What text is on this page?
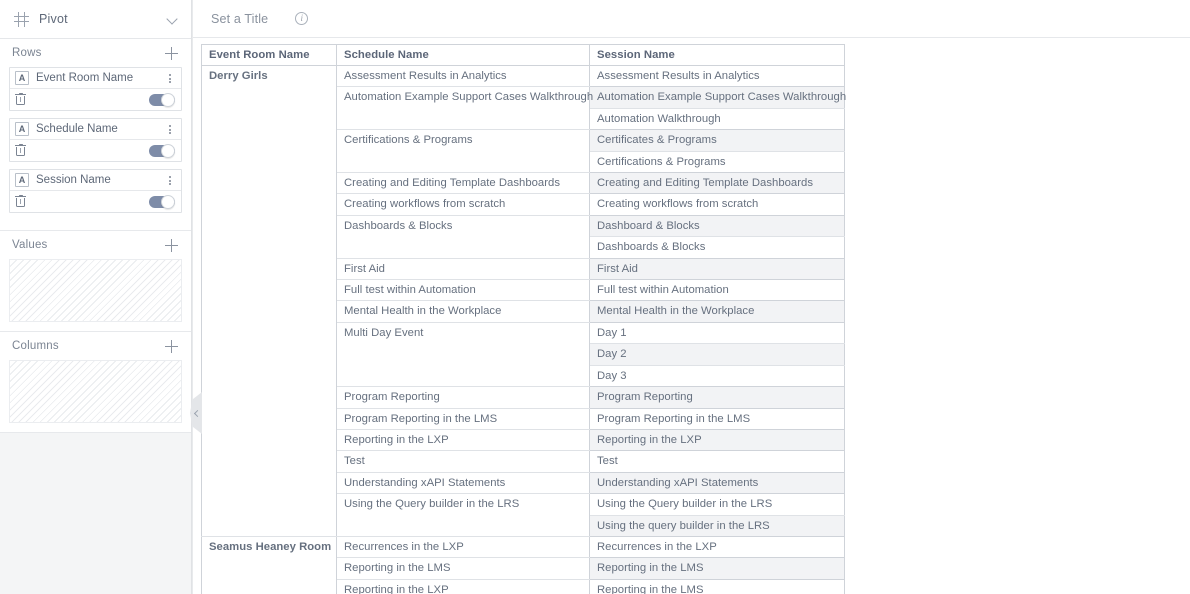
Pivot
Rows
A Event Room Name
A Schedule Name
A Session Name
Values
Columns
Set a Title
i
Event Room Name	Schedule Name	Session Name
Derry Girls	Assessment Results in Analytics	Assessment Results in Analytics
	Automation Example Support Cases Walkthrough	Automation Example Support Cases Walkthrough
		Automation Walkthrough
	Certifications & Programs	Certificates & Programs
		Certifications & Programs
	Creating and Editing Template Dashboards	Creating and Editing Template Dashboards
	Creating workflows from scratch	Creating workflows from scratch
	Dashboards & Blocks	Dashboard & Blocks
		Dashboards & Blocks
	First Aid	First Aid
	Full test within Automation	Full test within Automation
	Mental Health in the Workplace	Mental Health in the Workplace
	Multi Day Event	Day 1
		Day 2
		Day 3
	Program Reporting	Program Reporting
	Program Reporting in the LMS	Program Reporting in the LMS
	Reporting in the LXP	Reporting in the LXP
	Test	Test
	Understanding xAPI Statements	Understanding xAPI Statements
	Using the Query builder in the LRS	Using the Query builder in the LRS
		Using the query builder in the LRS
Seamus Heaney Room	Recurrences in the LXP	Recurrences in the LXP
	Reporting in the LMS	Reporting in the LMS
	Reporting in the LXP	Reporting in the LMS
